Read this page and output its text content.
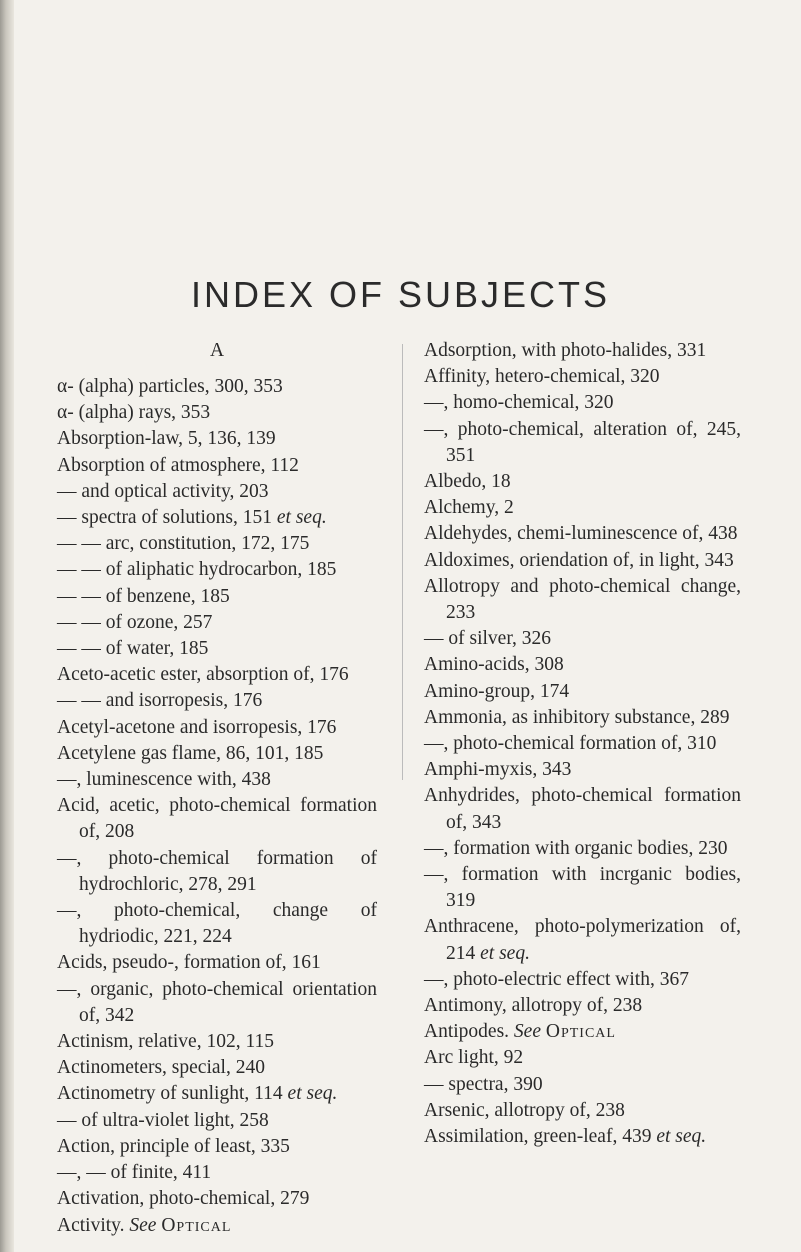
INDEX OF SUBJECTS
A
α- (alpha) particles, 300, 353
α- (alpha) rays, 353
Absorption-law, 5, 136, 139
Absorption of atmosphere, 112
— and optical activity, 203
— spectra of solutions, 151 et seq.
— — arc, constitution, 172, 175
— — of aliphatic hydrocarbon, 185
— — of benzene, 185
— — of ozone, 257
— — of water, 185
Aceto-acetic ester, absorption of, 176
— — and isorropesis, 176
Acetyl-acetone and isorropesis, 176
Acetylene gas flame, 86, 101, 185
—, luminescence with, 438
Acid, acetic, photo-chemical formation of, 208
—, photo-chemical formation of hydrochloric, 278, 291
—, photo-chemical, change of hydriodic, 221, 224
Acids, pseudo-, formation of, 161
—, organic, photo-chemical orientation of, 342
Actinism, relative, 102, 115
Actinometers, special, 240
Actinometry of sunlight, 114 et seq.
— of ultra-violet light, 258
Action, principle of least, 335
—, — of finite, 411
Activation, photo-chemical, 279
Activity. See Optical
Adsorption, with photo-halides, 331
Affinity, hetero-chemical, 320
—, homo-chemical, 320
—, photo-chemical, alteration of, 245, 351
Albedo, 18
Alchemy, 2
Aldehydes, chemi-luminescence of, 438
Aldoximes, oriendation of, in light, 343
Allotropy and photo-chemical change, 233
— of silver, 326
Amino-acids, 308
Amino-group, 174
Ammonia, as inhibitory substance, 289
—, photo-chemical formation of, 310
Amphi-myxis, 343
Anhydrides, photo-chemical formation of, 343
—, formation with organic bodies, 230
—, formation with incrganic bodies, 319
Anthracene, photo-polymerization of, 214 et seq.
—, photo-electric effect with, 367
Antimony, allotropy of, 238
Antipodes. See Optical
Arc light, 92
— spectra, 390
Arsenic, allotropy of, 238
Assimilation, green-leaf, 439 et seq.
